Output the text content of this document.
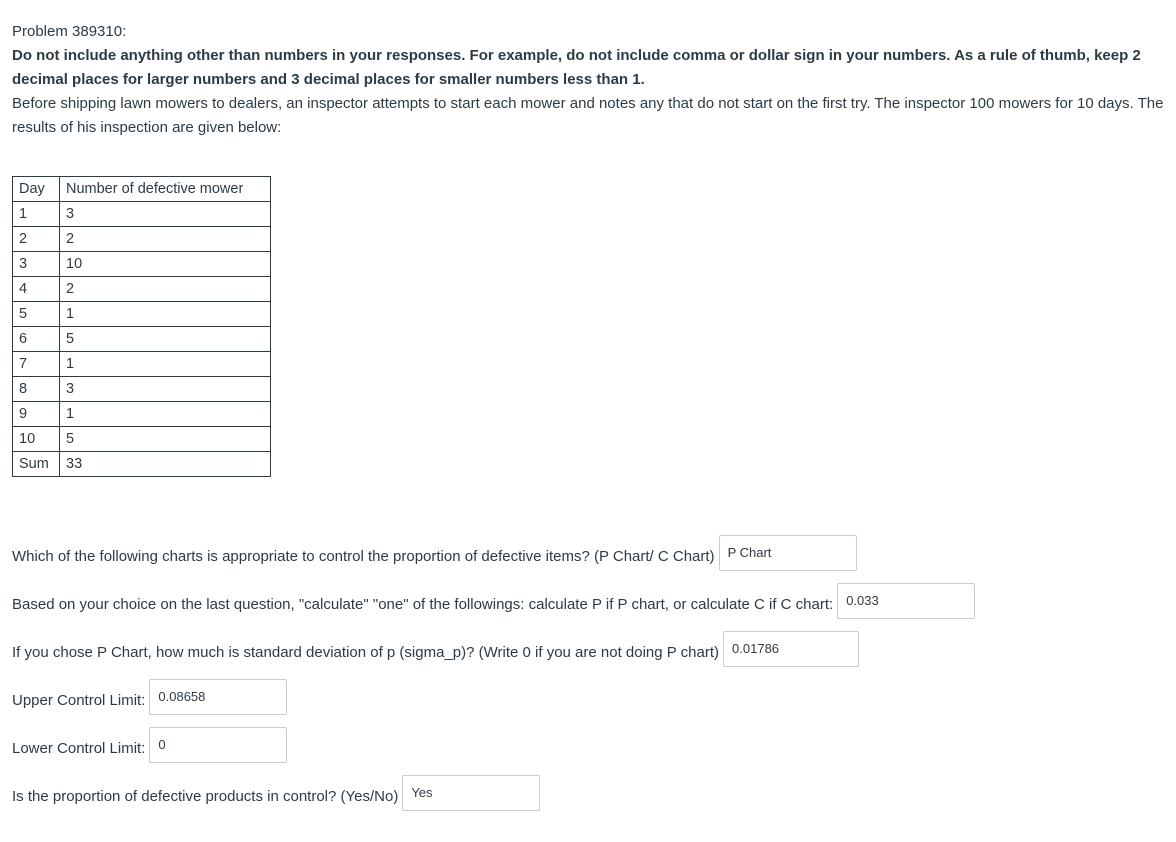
Problem 389310:

Do not include anything other than numbers in your responses. For example, do not include comma or dollar sign in your numbers. As a rule of thumb, keep 2 decimal places for larger numbers and 3 decimal places for smaller numbers less than 1.

Before shipping lawn mowers to dealers, an inspector attempts to start each mower and notes any that do not start on the first try. The inspector 100 mowers for 10 days. The results of his inspection are given below:

Day	Number of defective mower
1	3
2	2
3	10
4	2
5	1
6	5
7	1
8	3
9	1
10	5
Sum	33
Which of the following charts is appropriate to control the proportion of defective items? (P Chart/ C Chart)	P Chart
Based on your choice on the last question, "calculate" "one" of the followings: calculate P if P chart, or calculate C if C chart:	0.033
If you chose P Chart, how much is standard deviation of p (sigma_p)? (Write 0 if you are not doing P chart)	0.01786
Upper Control Limit:	0.08658
Lower Control Limit:	0
Is the proportion of defective products in control? (Yes/No)	Yes
